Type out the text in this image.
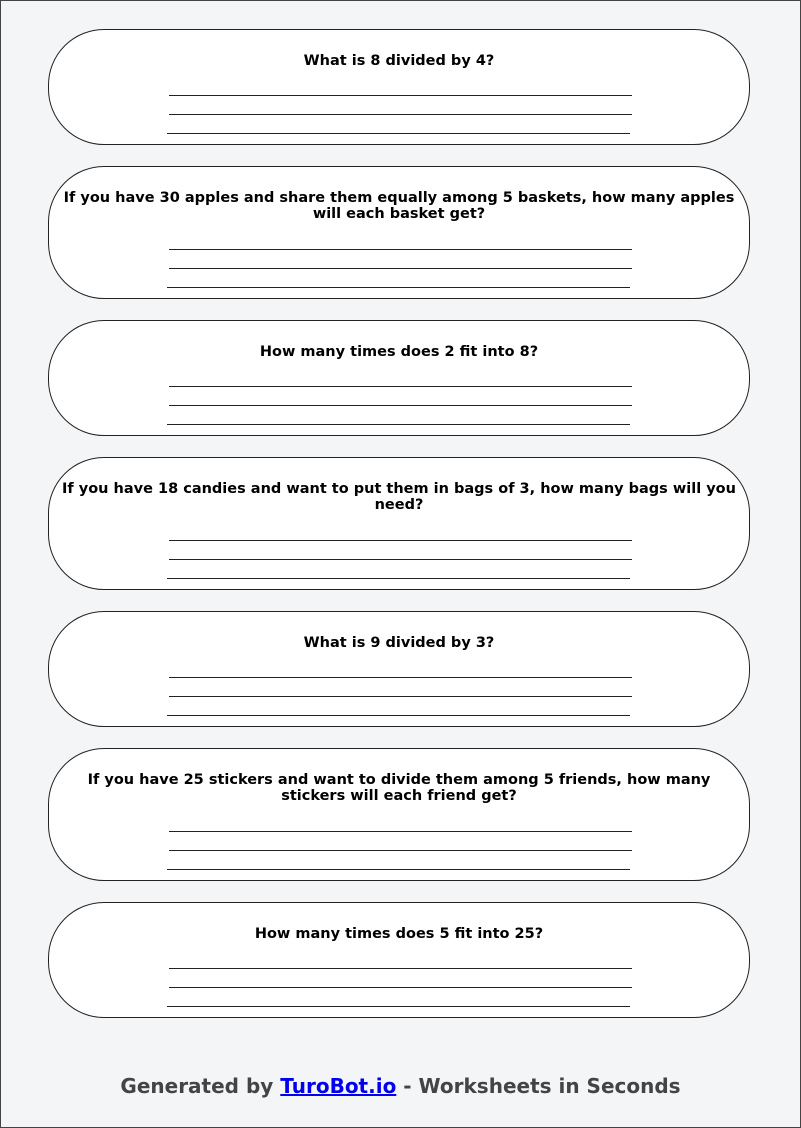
What is 8 divided by 4?
If you have 30 apples and share them equally among 5 baskets, how many apples will each basket get?
How many times does 2 fit into 8?
If you have 18 candies and want to put them in bags of 3, how many bags will you need?
What is 9 divided by 3?
If you have 25 stickers and want to divide them among 5 friends, how many stickers will each friend get?
How many times does 5 fit into 25?
Generated by TuroBot.io - Worksheets in Seconds
